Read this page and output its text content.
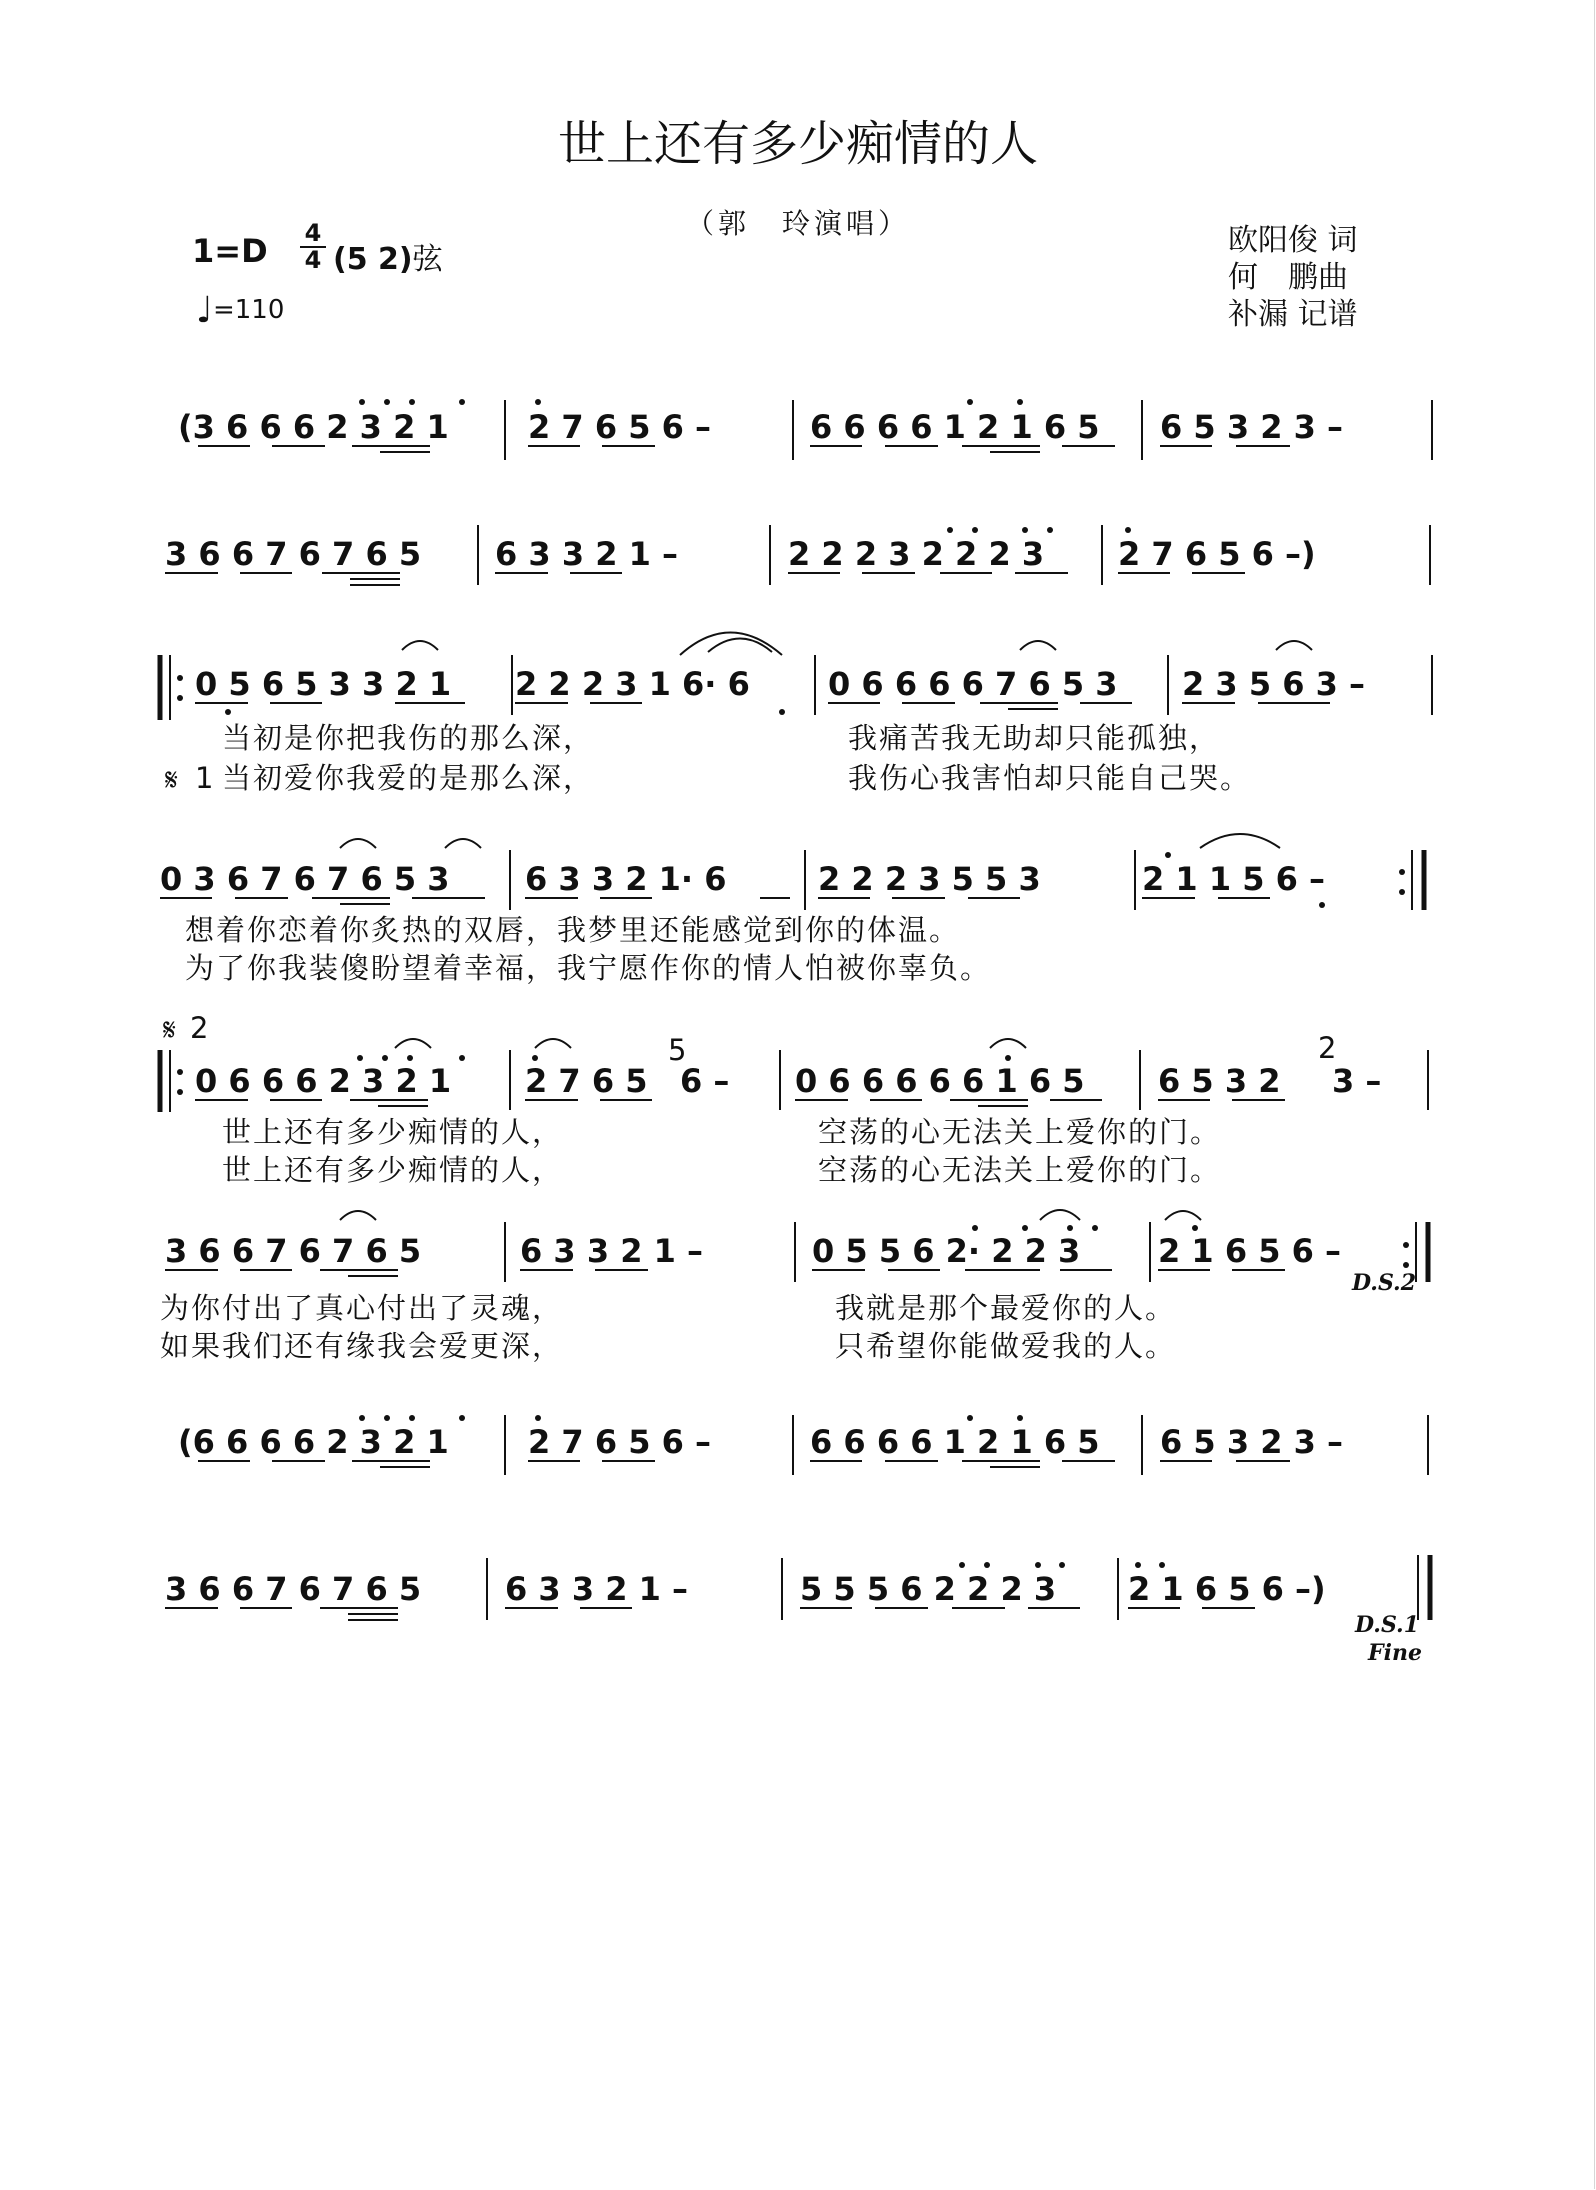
世上还有多少痴情的人
（郭　玲演唱）	欧阳俊 词
何　鹏曲
补漏 记谱
1=D 4
4 (5 2)弦
♩=110
(3 6 6 6 2 3 2 1 2 7 6 5 6 –	6 6 6 6 1 2 1 6 5 6 5 3 2 3 –
3 6 6 7 6 7 6 5 6 3 3 2 1 –	2 2 2 3 2 2 2 3 2 7 6 5 6 –)
0 5 6 5 3 3 2 1 2 2 2 3 1 6· 6 0 6 6 6 6 7 6 5 3 2 3 5 6 3 –
当初是你把我伤的那么深，	我痛苦我无助却只能孤独，
𝄋 1 当初爱你我爱的是那么深，	我伤心我害怕却只能自己哭。
0 3 6 7 6 7 6 5 3 6 3 3 2 1· 6	2 2 2 3 5 5 3	2 1 1 5 6 –
想着你恋着你炙热的双唇，我梦里还能感觉到你的体温。
为了你我装傻盼望着幸福，我宁愿作你的情人怕被你辜负。
𝄋 2
0 6 6 6 2 3 2 1 2 7 6 5
5
6 – 0 6 6 6 6 6 1 6 5 6 5 3 2
2
3 –
世上还有多少痴情的人，	空荡的心无法关上爱你的门。
世上还有多少痴情的人，	空荡的心无法关上爱你的门。
3 6 6 7 6 7 6 5	6 3 3 2 1 –	0 5 5 6 2· 2 2 3 2 1 6 5 6 –
D.S.2
为你付出了真心付出了灵魂，	我就是那个最爱你的人。
如果我们还有缘我会爱更深，	只希望你能做爱我的人。
(6 6 6 6 2 3 2 1 2 7 6 5 6 –	6 6 6 6 1 2 1 6 5 6 5 3 2 3 –
3 6 6 7 6 7 6 5	6 3 3 2 1 –	5 5 5 6 2 2 2 3 2 1 6 5 6 –)
D.S.1
Fine
